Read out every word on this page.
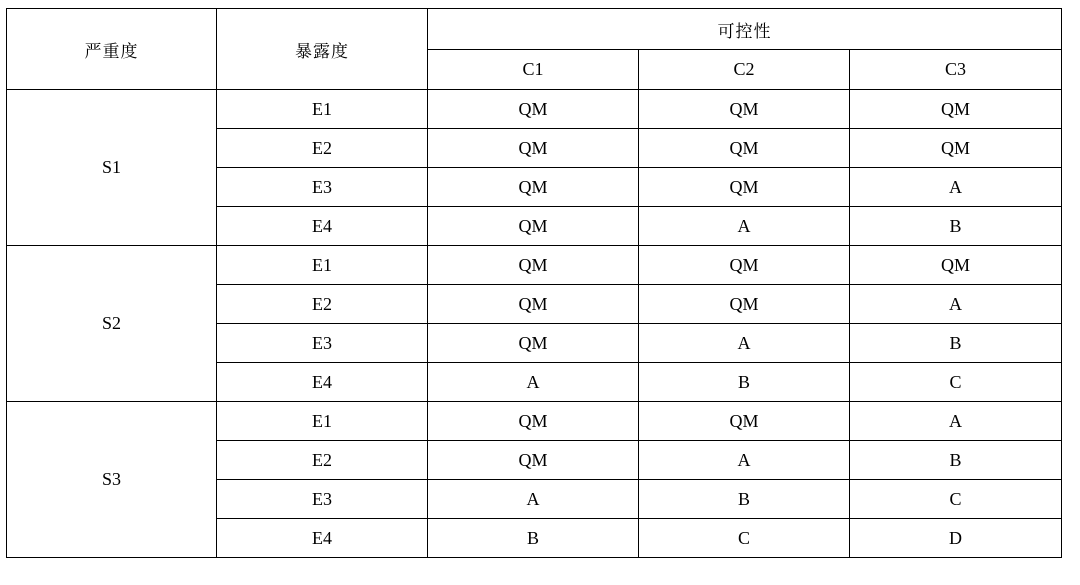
严重度	暴露度	可控性		
		C1	C2	C3
S1	E1	QM	QM	QM
	E2	QM	QM	QM
	E3	QM	QM	A
	E4	QM	A	B
S2	E1	QM	QM	QM
	E2	QM	QM	A
	E3	QM	A	B
	E4	A	B	C
S3	E1	QM	QM	A
	E2	QM	A	B
	E3	A	B	C
	E4	B	C	D
